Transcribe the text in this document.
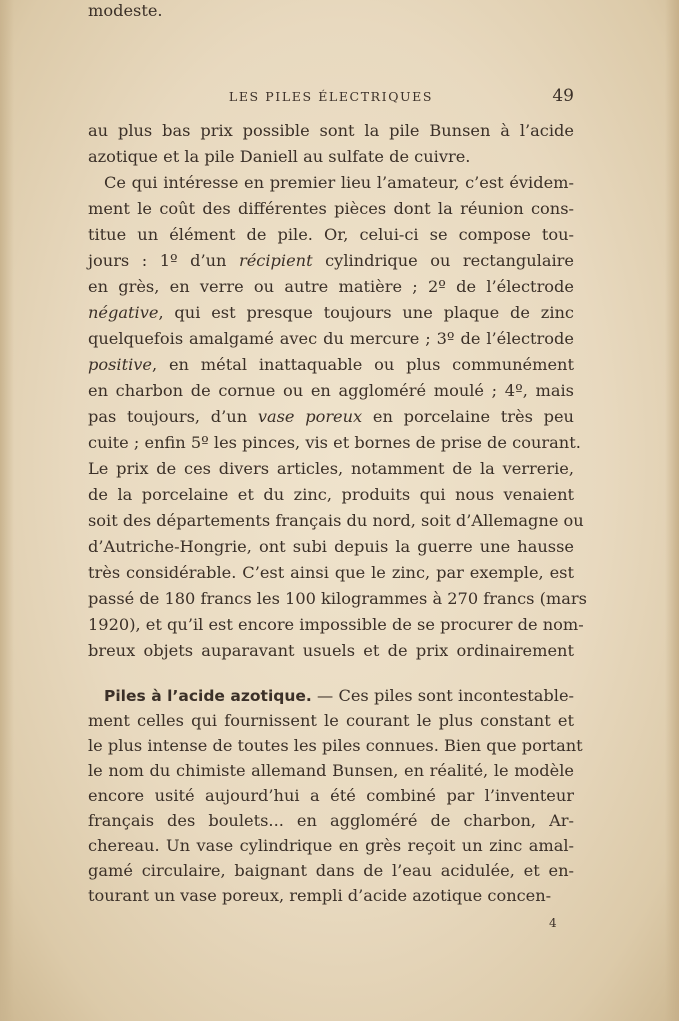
LES PILES ÉLECTRIQUES	49
au plus bas prix possible sont la pile Bunsen à l’acide
azotique et la pile Daniell au sulfate de cuivre.
Ce qui intéresse en premier lieu l’amateur, c’est évidem-
ment le coût des différentes pièces dont la réunion cons-
titue un élément de pile. Or, celui-ci se compose tou-
jours : 1º d’un récipient cylindrique ou rectangulaire
en grès, en verre ou autre matière ; 2º de l’électrode
négative, qui est presque toujours une plaque de zinc
quelquefois amalgamé avec du mercure ; 3º de l’électrode
positive, en métal inattaquable ou plus communément
en charbon de cornue ou en aggloméré moulé ; 4º, mais
pas toujours, d’un vase poreux en porcelaine très peu
cuite ; enfin 5º les pinces, vis et bornes de prise de courant.
Le prix de ces divers articles, notamment de la verrerie,
de la porcelaine et du zinc, produits qui nous venaient
soit des départements français du nord, soit d’Allemagne ou
d’Autriche-Hongrie, ont subi depuis la guerre une hausse
très considérable. C’est ainsi que le zinc, par exemple, est
passé de 180 francs les 100 kilogrammes à 270 francs (mars
1920), et qu’il est encore impossible de se procurer de nom-
breux objets auparavant usuels et de prix ordinairement
modeste.
Piles à l’acide azotique. — Ces piles sont incontestable-
ment celles qui fournissent le courant le plus constant et
le plus intense de toutes les piles connues. Bien que portant
le nom du chimiste allemand Bunsen, en réalité, le modèle
encore usité aujourd’hui a été combiné par l’inventeur
français des boulets... en aggloméré de charbon, Ar-
chereau. Un vase cylindrique en grès reçoit un zinc amal-
gamé circulaire, baignant dans de l’eau acidulée, et en-
tourant un vase poreux, rempli d’acide azotique concen-
4
